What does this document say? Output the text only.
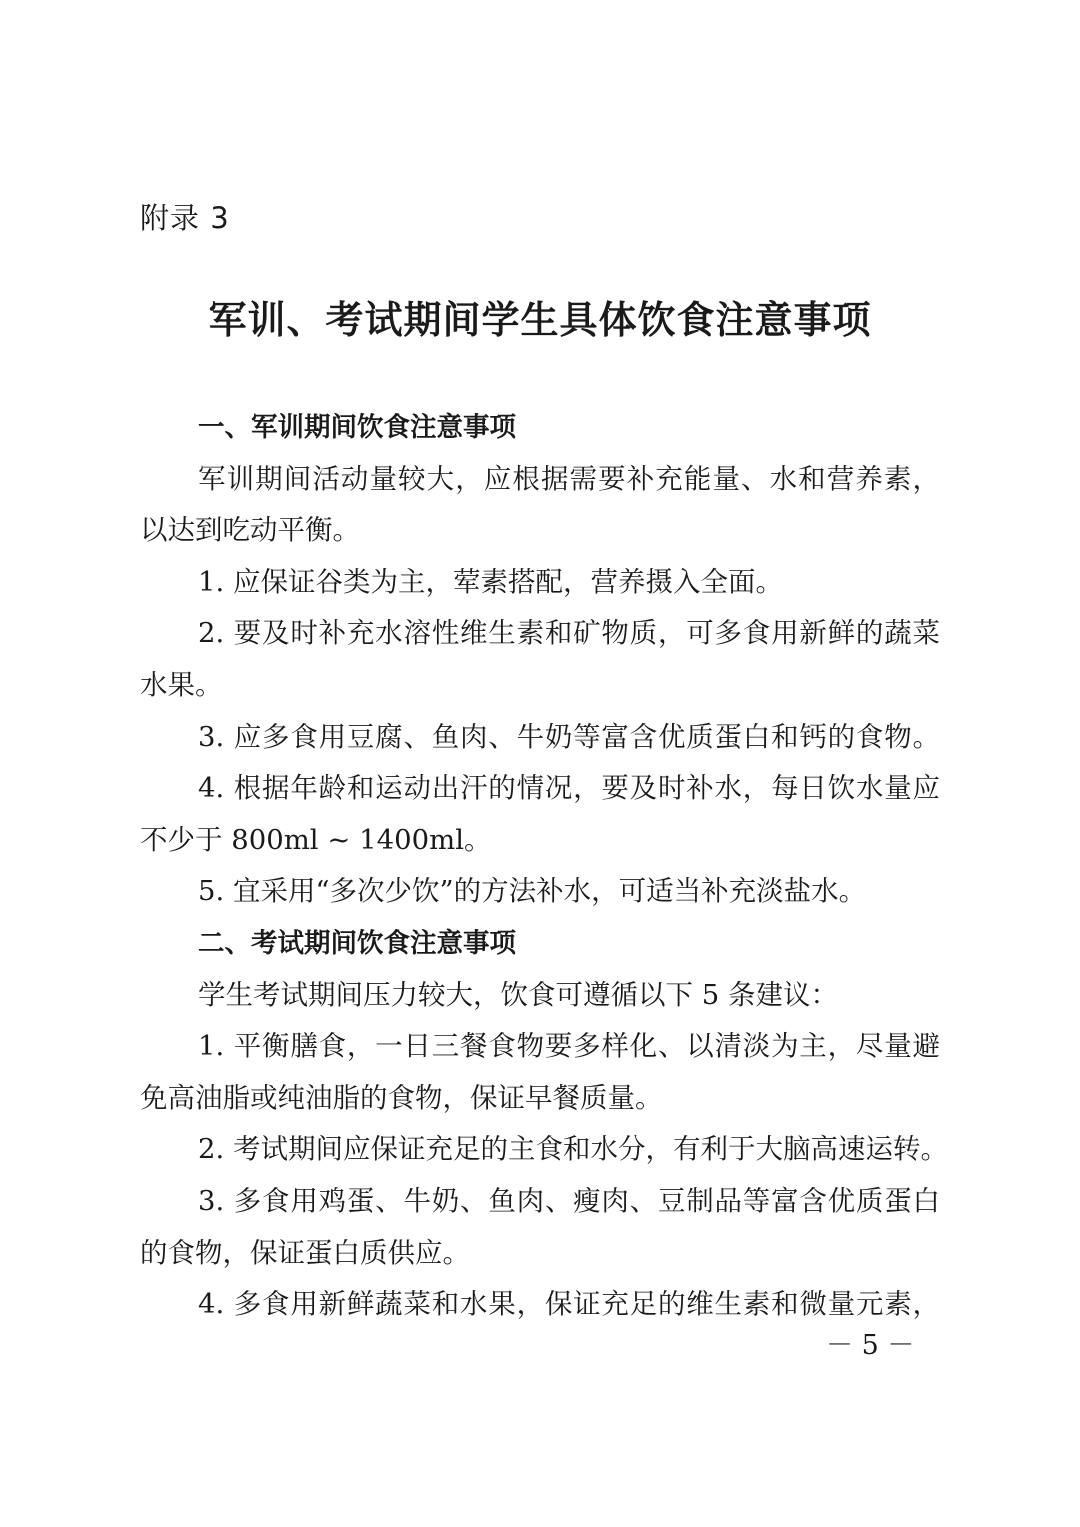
附录 3
军训、考试期间学生具体饮食注意事项
一、军训期间饮食注意事项
军训期间活动量较大，应根据需要补充能量、水和营养素，
以达到吃动平衡。
1. 应保证谷类为主，荤素搭配，营养摄入全面。
2. 要及时补充水溶性维生素和矿物质，可多食用新鲜的蔬菜
水果。
3. 应多食用豆腐、鱼肉、牛奶等富含优质蛋白和钙的食物。
4. 根据年龄和运动出汗的情况，要及时补水，每日饮水量应
不少于 800ml ~ 1400ml。
5. 宜采用“多次少饮”的方法补水，可适当补充淡盐水。
二、考试期间饮食注意事项
学生考试期间压力较大，饮食可遵循以下 5 条建议：
1. 平衡膳食，一日三餐食物要多样化、以清淡为主，尽量避
免高油脂或纯油脂的食物，保证早餐质量。
2. 考试期间应保证充足的主食和水分，有利于大脑高速运转。
3. 多食用鸡蛋、牛奶、鱼肉、瘦肉、豆制品等富含优质蛋白
的食物，保证蛋白质供应。
4. 多食用新鲜蔬菜和水果，保证充足的维生素和微量元素，
－ 5 －
